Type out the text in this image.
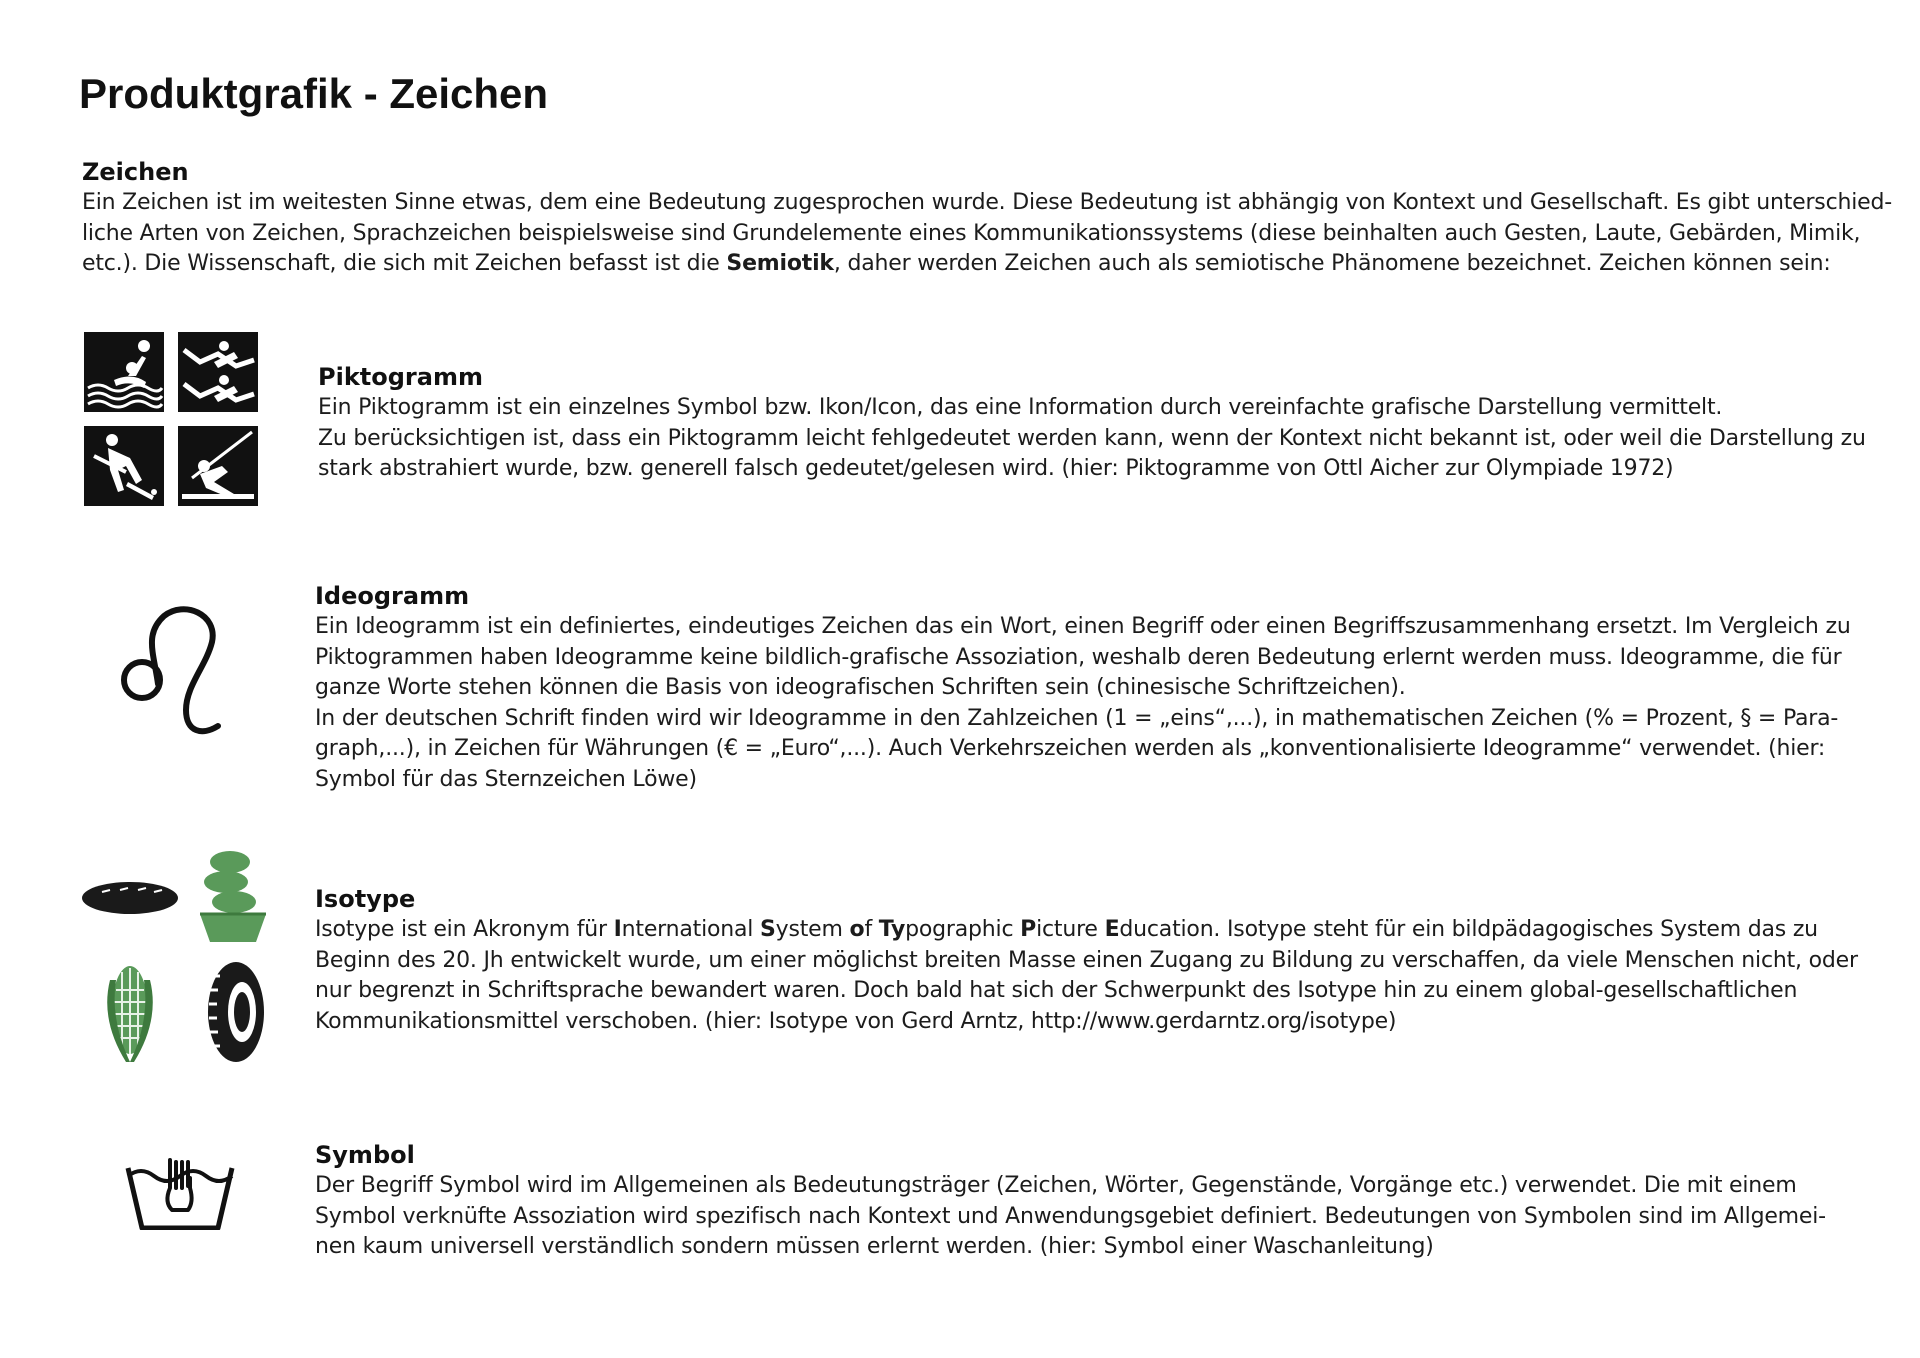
Produktgrafik - Zeichen
Zeichen
Ein Zeichen ist im weitesten Sinne etwas, dem eine Bedeutung zugesprochen wurde. Diese Bedeutung ist abhängig von Kontext und Gesellschaft. Es gibt unterschied-
liche Arten von Zeichen, Sprachzeichen beispielsweise sind Grundelemente eines Kommunikationssystems (diese beinhalten auch Gesten, Laute, Gebärden, Mimik,
etc.). Die Wissenschaft, die sich mit Zeichen befasst ist die Semiotik, daher werden Zeichen auch als semiotische Phänomene bezeichnet. Zeichen können sein:
Piktogramm
Ein Piktogramm ist ein einzelnes Symbol bzw. Ikon/Icon, das eine Information durch vereinfachte grafische Darstellung vermittelt.
Zu berücksichtigen ist, dass ein Piktogramm leicht fehlgedeutet werden kann, wenn der Kontext nicht bekannt ist, oder weil die Darstellung zu
stark abstrahiert wurde, bzw. generell falsch gedeutet/gelesen wird. (hier: Piktogramme von Ottl Aicher zur Olympiade 1972)
Ideogramm
Ein Ideogramm ist ein definiertes, eindeutiges Zeichen das ein Wort, einen Begriff oder einen Begriffszusammenhang ersetzt. Im Vergleich zu
Piktogrammen haben Ideogramme keine bildlich-grafische Assoziation, weshalb deren Bedeutung erlernt werden muss. Ideogramme, die für
ganze Worte stehen können die Basis von ideografischen Schriften sein (chinesische Schriftzeichen).
In der deutschen Schrift finden wird wir Ideogramme in den Zahlzeichen (1 = „eins“,...), in mathematischen Zeichen (% = Prozent, § = Para-
graph,...), in Zeichen für Währungen (€ = „Euro“,...). Auch Verkehrszeichen werden als „konventionalisierte Ideogramme“ verwendet. (hier:
Symbol für das Sternzeichen Löwe)
Isotype
Isotype ist ein Akronym für International System of Typographic Picture Education. Isotype steht für ein bildpädagogisches System das zu
Beginn des 20. Jh entwickelt wurde, um einer möglichst breiten Masse einen Zugang zu Bildung zu verschaffen, da viele Menschen nicht, oder
nur begrenzt in Schriftsprache bewandert waren. Doch bald hat sich der Schwerpunkt des Isotype hin zu einem global-gesellschaftlichen
Kommunikationsmittel verschoben. (hier: Isotype von Gerd Arntz, http://www.gerdarntz.org/isotype)
Symbol
Der Begriff Symbol wird im Allgemeinen als Bedeutungsträger (Zeichen, Wörter, Gegenstände, Vorgänge etc.) verwendet. Die mit einem
Symbol verknüfte Assoziation wird spezifisch nach Kontext und Anwendungsgebiet definiert. Bedeutungen von Symbolen sind im Allgemei-
nen kaum universell verständlich sondern müssen erlernt werden. (hier: Symbol einer Waschanleitung)
